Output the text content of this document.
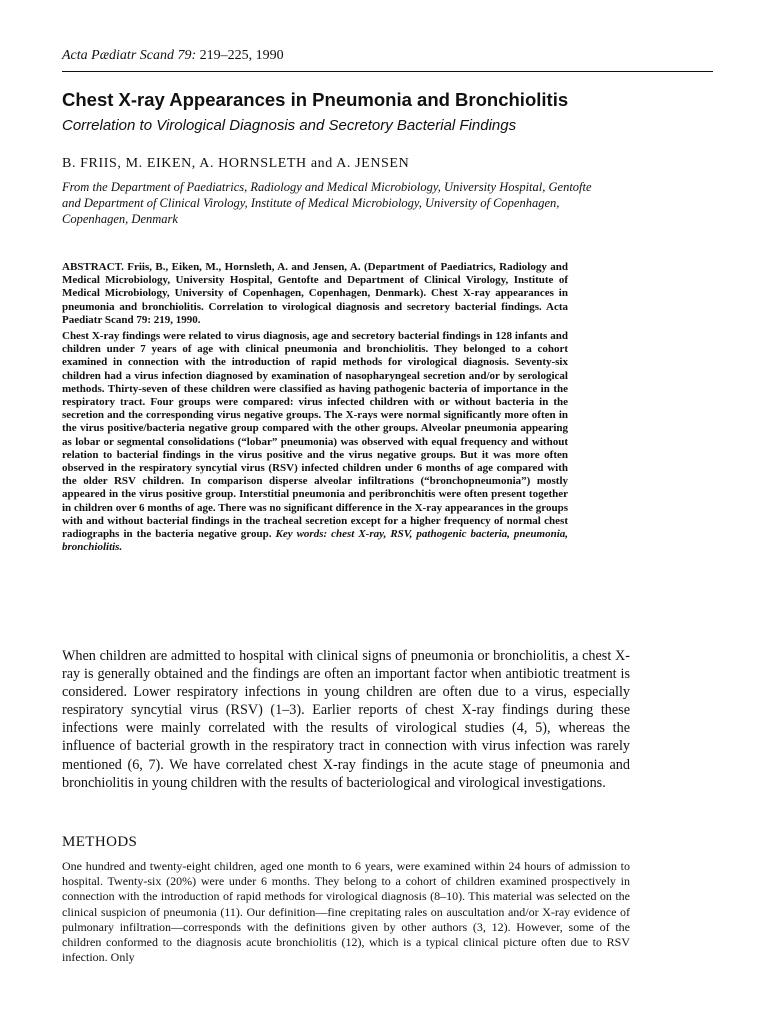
Acta Pædiatr Scand 79: 219–225, 1990
Chest X-ray Appearances in Pneumonia and Bronchiolitis
Correlation to Virological Diagnosis and Secretory Bacterial Findings
B. FRIIS, M. EIKEN, A. HORNSLETH and A. JENSEN
From the Department of Paediatrics, Radiology and Medical Microbiology, University Hospital, Gentofte and Department of Clinical Virology, Institute of Medical Microbiology, University of Copenhagen, Copenhagen, Denmark

ABSTRACT. Friis, B., Eiken, M., Hornsleth, A. and Jensen, A. (Department of Paediatrics, Radiology and Medical Microbiology, University Hospital, Gentofte and Department of Clinical Virology, Institute of Medical Microbiology, University of Copenhagen, Copenhagen, Denmark). Chest X-ray appearances in pneumonia and bronchiolitis. Correlation to virological diagnosis and secretory bacterial findings. Acta Paediatr Scand 79: 219, 1990.

Chest X-ray findings were related to virus diagnosis, age and secretory bacterial findings in 128 infants and children under 7 years of age with clinical pneumonia and bronchiolitis. They belonged to a cohort examined in connection with the introduction of rapid methods for virological diagnosis. Seventy-six children had a virus infection diagnosed by examination of nasopharyngeal secretion and/or by serological methods. Thirty-seven of these children were classified as having pathogenic bacteria of importance in the respiratory tract. Four groups were compared: virus infected children with or without bacteria in the secretion and the corresponding virus negative groups. The X-rays were normal significantly more often in the virus positive/bacteria negative group compared with the other groups. Alveolar pneumonia appearing as lobar or segmental consolidations (“lobar” pneumonia) was observed with equal frequency and without relation to bacterial findings in the virus positive and the virus negative groups. But it was more often observed in the respiratory syncytial virus (RSV) infected children under 6 months of age compared with the older RSV children. In comparison disperse alveolar infiltrations (“bronchopneumonia”) mostly appeared in the virus positive group. Interstitial pneumonia and peribronchitis were often present together in children over 6 months of age. There was no significant difference in the X-ray appearances in the groups with and without bacterial findings in the tracheal secretion except for a higher frequency of normal chest radiographs in the bacteria negative group. Key words: chest X-ray, RSV, pathogenic bacteria, pneumonia, bronchiolitis.

When children are admitted to hospital with clinical signs of pneumonia or bronchiolitis, a chest X-ray is generally obtained and the findings are often an important factor when antibiotic treatment is considered. Lower respiratory infections in young children are often due to a virus, especially respiratory syncytial virus (RSV) (1–3). Earlier reports of chest X-ray findings during these infections were mainly correlated with the results of virological studies (4, 5), whereas the influence of bacterial growth in the respiratory tract in connection with virus infection was rarely mentioned (6, 7). We have correlated chest X-ray findings in the acute stage of pneumonia and bronchiolitis in young children with the results of bacteriological and virological investigations.

METHODS

One hundred and twenty-eight children, aged one month to 6 years, were examined within 24 hours of admission to hospital. Twenty-six (20%) were under 6 months. They belong to a cohort of children examined prospectively in connection with the introduction of rapid methods for virological diagnosis (8–10). This material was selected on the clinical suspicion of pneumonia (11). Our definition—fine crepitating rales on auscultation and/or X-ray evidence of pulmonary infiltration—corresponds with the definitions given by other authors (3, 12). However, some of the children conformed to the diagnosis acute bronchiolitis (12), which is a typical clinical picture often due to RSV infection. Only
